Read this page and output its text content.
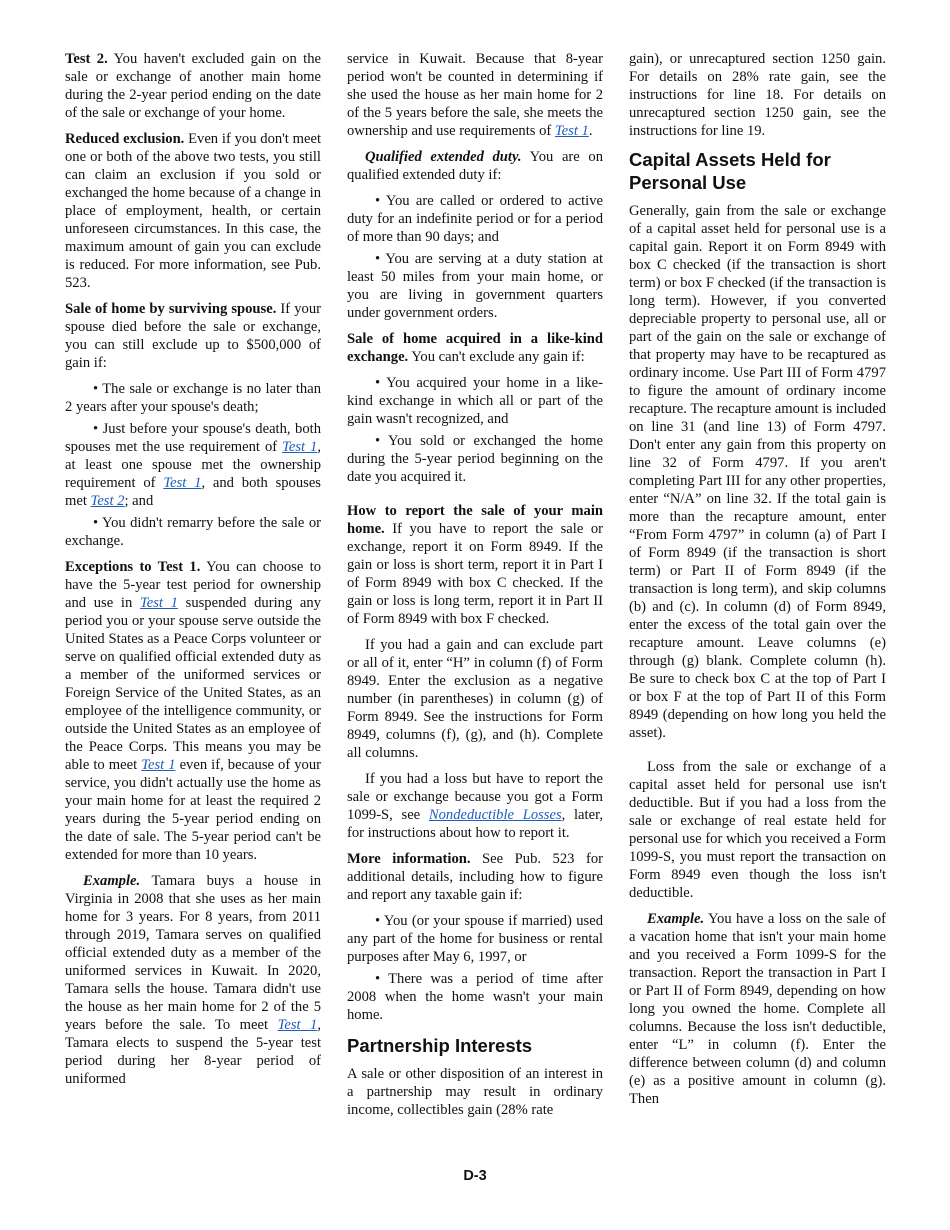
Test 2. You haven't excluded gain on the sale or exchange of another main home during the 2-year period ending on the date of the sale or exchange of your home.

Reduced exclusion. Even if you don't meet one or both of the above two tests, you still can claim an exclusion if you sold or exchanged the home because of a change in place of employment, health, or certain unforeseen circumstances. In this case, the maximum amount of gain you can exclude is reduced. For more information, see Pub. 523.

Sale of home by surviving spouse. If your spouse died before the sale or exchange, you can still exclude up to $500,000 of gain if:

• The sale or exchange is no later than 2 years after your spouse's death;

• Just before your spouse's death, both spouses met the use requirement of Test 1, at least one spouse met the ownership requirement of Test 1, and both spouses met Test 2; and

• You didn't remarry before the sale or exchange.

Exceptions to Test 1. You can choose to have the 5-year test period for ownership and use in Test 1 suspended during any period you or your spouse serve outside the United States as a Peace Corps volunteer or serve on qualified official extended duty as a member of the uniformed services or Foreign Service of the United States, as an employee of the intelligence community, or outside the United States as an employee of the Peace Corps. This means you may be able to meet Test 1 even if, because of your service, you didn't actually use the home as your main home for at least the required 2 years during the 5-year period ending on the date of sale. The 5-year period can't be extended for more than 10 years.

Example. Tamara buys a house in Virginia in 2008 that she uses as her main home for 3 years. For 8 years, from 2011 through 2019, Tamara serves on qualified official extended duty as a member of the uniformed services in Kuwait. In 2020, Tamara sells the house. Tamara didn't use the house as her main home for 2 of the 5 years before the sale. To meet Test 1, Tamara elects to suspend the 5-year test period during her 8-year period of uniformed

service in Kuwait. Because that 8-year period won't be counted in determining if she used the house as her main home for 2 of the 5 years before the sale, she meets the ownership and use requirements of Test 1.

Qualified extended duty. You are on qualified extended duty if:

• You are called or ordered to active duty for an indefinite period or for a period of more than 90 days; and

• You are serving at a duty station at least 50 miles from your main home, or you are living in government quarters under government orders.

Sale of home acquired in a like-kind exchange. You can't exclude any gain if:

• You acquired your home in a like-kind exchange in which all or part of the gain wasn't recognized, and

• You sold or exchanged the home during the 5-year period beginning on the date you acquired it.

How to report the sale of your main home. If you have to report the sale or exchange, report it on Form 8949. If the gain or loss is short term, report it in Part I of Form 8949 with box C checked. If the gain or loss is long term, report it in Part II of Form 8949 with box F checked.

If you had a gain and can exclude part or all of it, enter “H” in column (f) of Form 8949. Enter the exclusion as a negative number (in parentheses) in column (g) of Form 8949. See the instructions for Form 8949, columns (f), (g), and (h). Complete all columns.

If you had a loss but have to report the sale or exchange because you got a Form 1099-S, see Nondeductible Losses, later, for instructions about how to report it.

More information. See Pub. 523 for additional details, including how to figure and report any taxable gain if:

• You (or your spouse if married) used any part of the home for business or rental purposes after May 6, 1997, or

• There was a period of time after 2008 when the home wasn't your main home.

Partnership Interests

A sale or other disposition of an interest in a partnership may result in ordinary income, collectibles gain (28% rate

gain), or unrecaptured section 1250 gain. For details on 28% rate gain, see the instructions for line 18. For details on unrecaptured section 1250 gain, see the instructions for line 19.

Capital Assets Held for Personal Use

Generally, gain from the sale or exchange of a capital asset held for personal use is a capital gain. Report it on Form 8949 with box C checked (if the transaction is short term) or box F checked (if the transaction is long term). However, if you converted depreciable property to personal use, all or part of the gain on the sale or exchange of that property may have to be recaptured as ordinary income. Use Part III of Form 4797 to figure the amount of ordinary income recapture. The recapture amount is included on line 31 (and line 13) of Form 4797. Don't enter any gain from this property on line 32 of Form 4797. If you aren't completing Part III for any other properties, enter “N/A” on line 32. If the total gain is more than the recapture amount, enter “From Form 4797” in column (a) of Part I of Form 8949 (if the transaction is short term) or Part II of Form 8949 (if the transaction is long term), and skip columns (b) and (c). In column (d) of Form 8949, enter the excess of the total gain over the recapture amount. Leave columns (e) through (g) blank. Complete column (h). Be sure to check box C at the top of Part I or box F at the top of Part II of this Form 8949 (depending on how long you held the asset).

Loss from the sale or exchange of a capital asset held for personal use isn't deductible. But if you had a loss from the sale or exchange of real estate held for personal use for which you received a Form 1099-S, you must report the transaction on Form 8949 even though the loss isn't deductible.

Example. You have a loss on the sale of a vacation home that isn't your main home and you received a Form 1099-S for the transaction. Report the transaction in Part I or Part II of Form 8949, depending on how long you owned the home. Complete all columns. Because the loss isn't deductible, enter “L” in column (f). Enter the difference between column (d) and column (e) as a positive amount in column (g). Then

D-3
